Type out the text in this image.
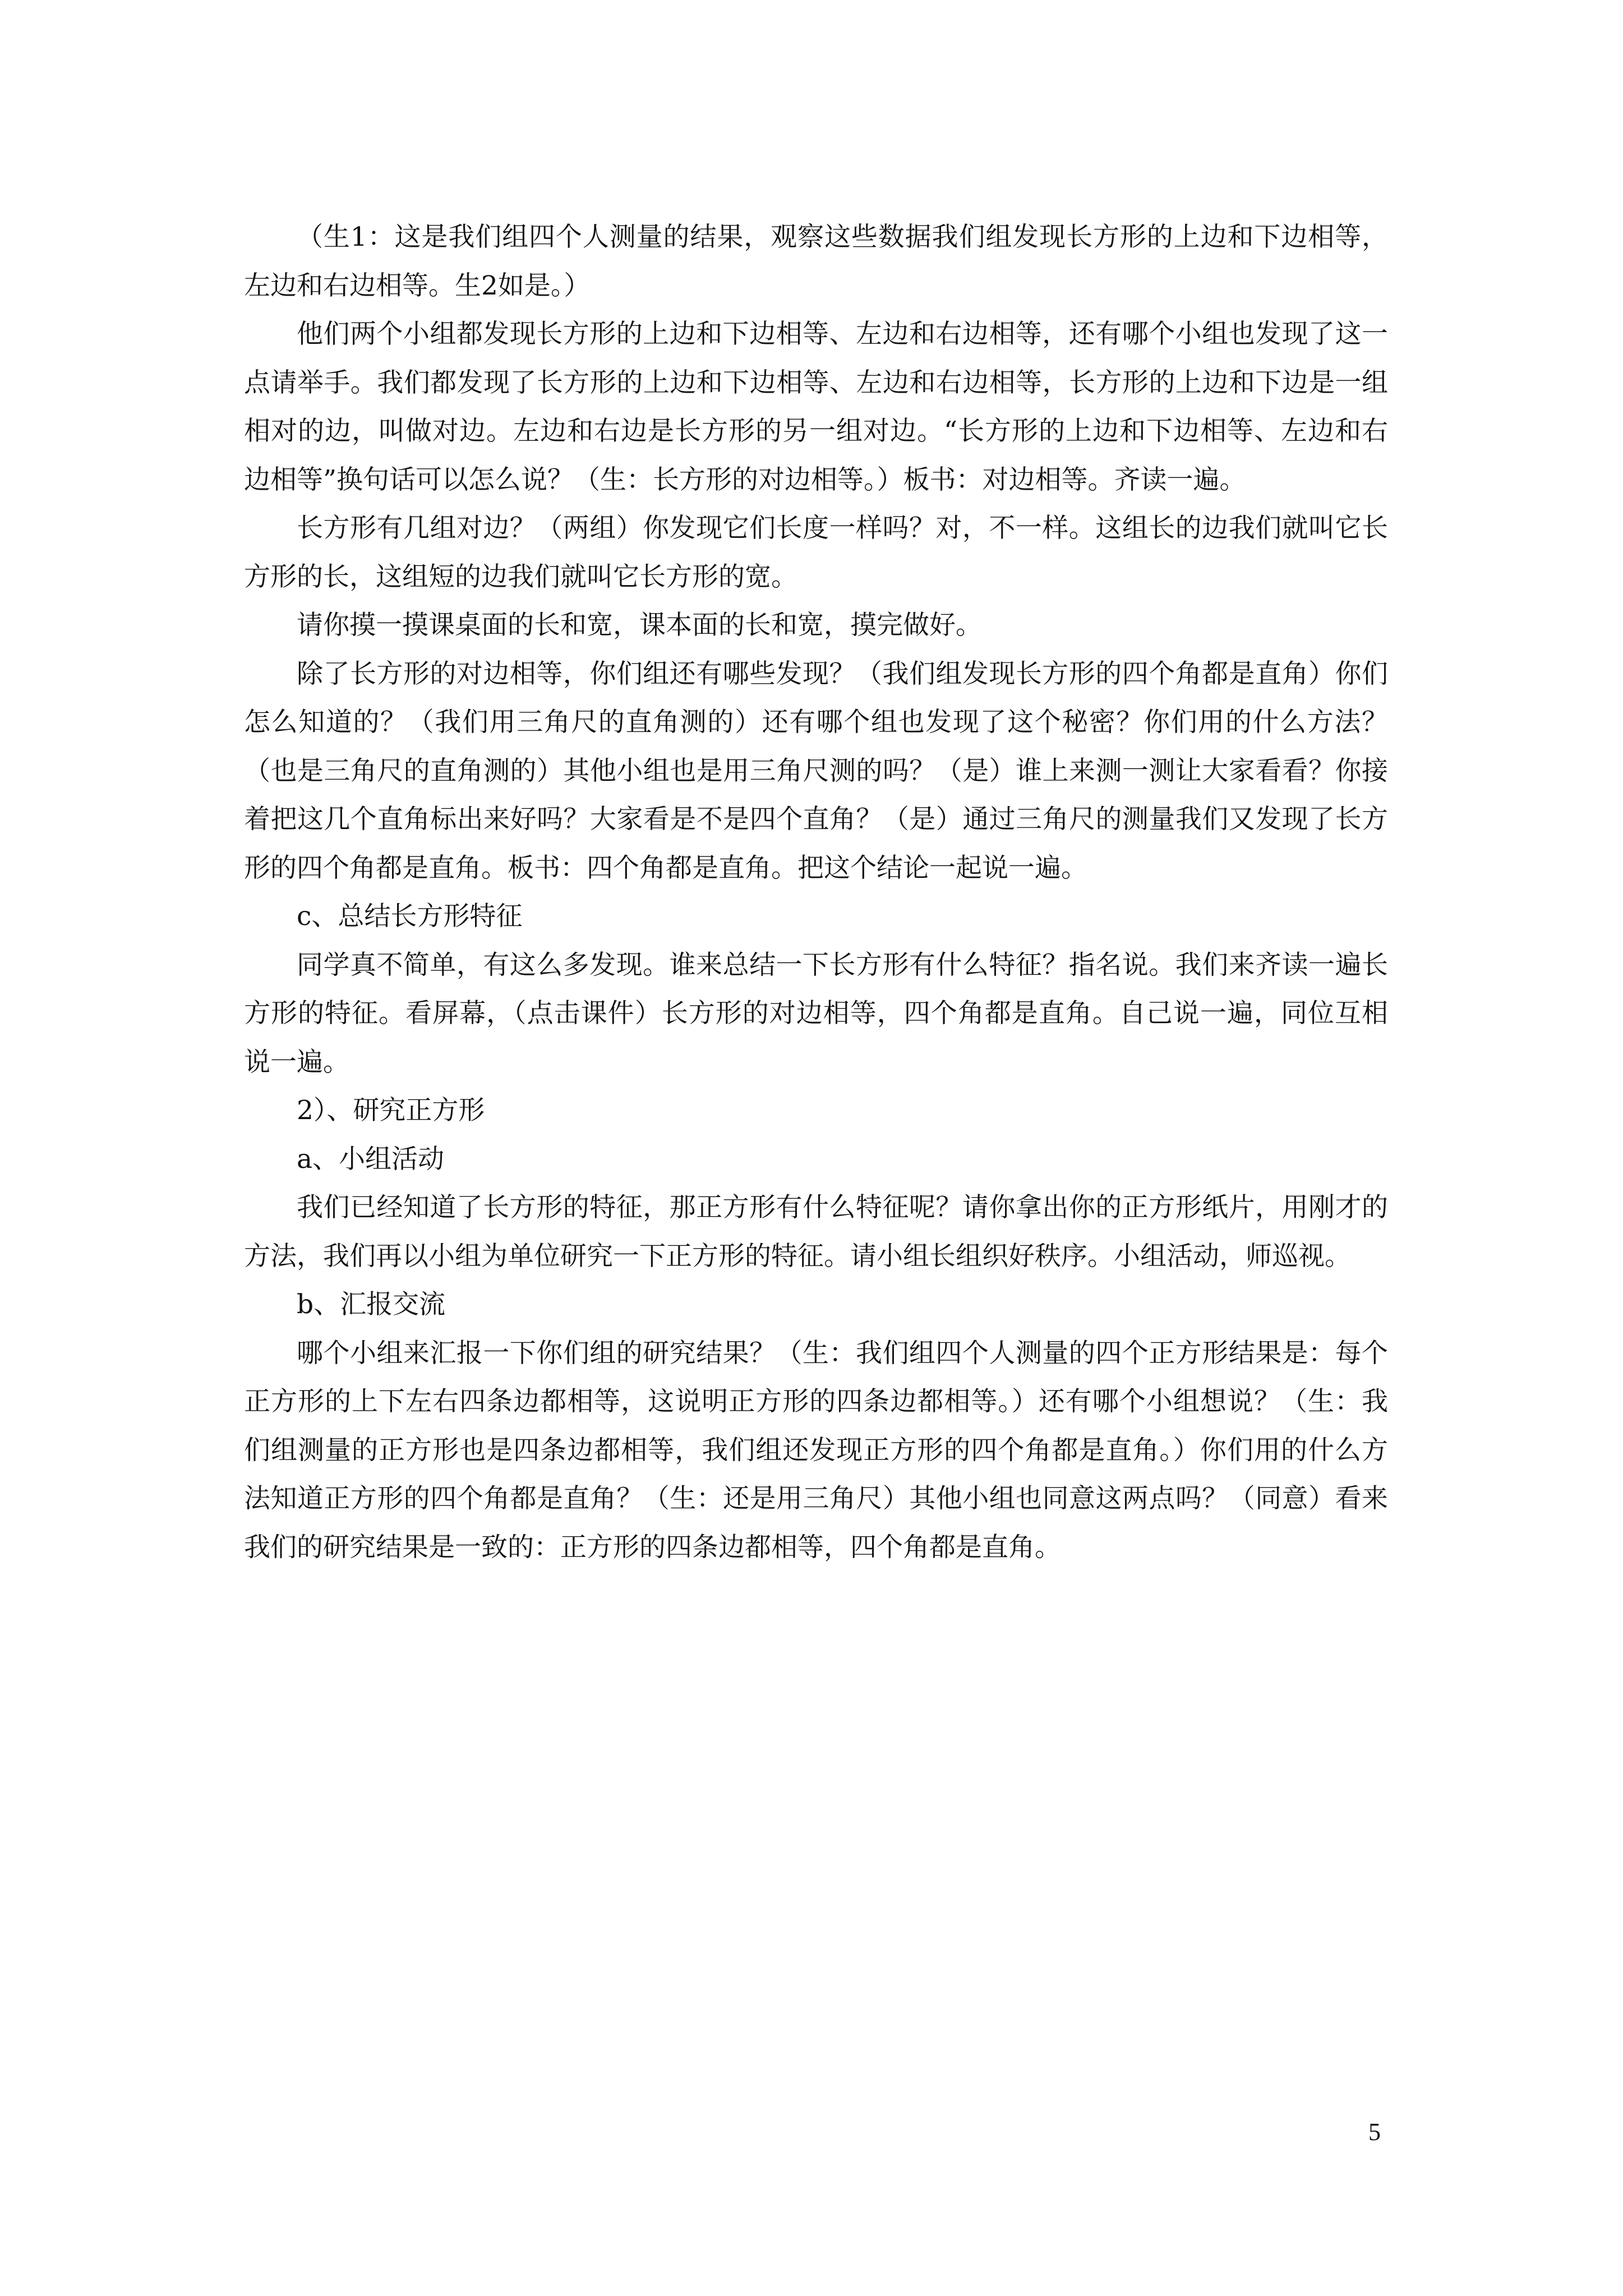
（生1：这是我们组四个人测量的结果，观察这些数据我们组发现长方形的上边和下边相等，左边和右边相等。生2如是。）

他们两个小组都发现长方形的上边和下边相等、左边和右边相等，还有哪个小组也发现了这一点请举手。我们都发现了长方形的上边和下边相等、左边和右边相等，长方形的上边和下边是一组相对的边，叫做对边。左边和右边是长方形的另一组对边。“长方形的上边和下边相等、左边和右边相等”换句话可以怎么说？（生：长方形的对边相等。）板书：对边相等。齐读一遍。

长方形有几组对边？（两组）你发现它们长度一样吗？对，不一样。这组长的边我们就叫它长方形的长，这组短的边我们就叫它长方形的宽。

请你摸一摸课桌面的长和宽，课本面的长和宽，摸完做好。

除了长方形的对边相等，你们组还有哪些发现？（我们组发现长方形的四个角都是直角）你们怎么知道的？（我们用三角尺的直角测的）还有哪个组也发现了这个秘密？你们用的什么方法？（也是三角尺的直角测的）其他小组也是用三角尺测的吗？（是）谁上来测一测让大家看看？你接着把这几个直角标出来好吗？大家看是不是四个直角？（是）通过三角尺的测量我们又发现了长方形的四个角都是直角。板书：四个角都是直角。把这个结论一起说一遍。

c、总结长方形特征

同学真不简单，有这么多发现。谁来总结一下长方形有什么特征？指名说。我们来齐读一遍长方形的特征。看屏幕，（点击课件）长方形的对边相等，四个角都是直角。自己说一遍，同位互相说一遍。

2）、研究正方形

a、小组活动

我们已经知道了长方形的特征，那正方形有什么特征呢？请你拿出你的正方形纸片，用刚才的方法，我们再以小组为单位研究一下正方形的特征。请小组长组织好秩序。小组活动，师巡视。

b、汇报交流

哪个小组来汇报一下你们组的研究结果？（生：我们组四个人测量的四个正方形结果是：每个正方形的上下左右四条边都相等，这说明正方形的四条边都相等。）还有哪个小组想说？（生：我们组测量的正方形也是四条边都相等，我们组还发现正方形的四个角都是直角。）你们用的什么方法知道正方形的四个角都是直角？（生：还是用三角尺）其他小组也同意这两点吗？（同意）看来我们的研究结果是一致的：正方形的四条边都相等，四个角都是直角。

5
